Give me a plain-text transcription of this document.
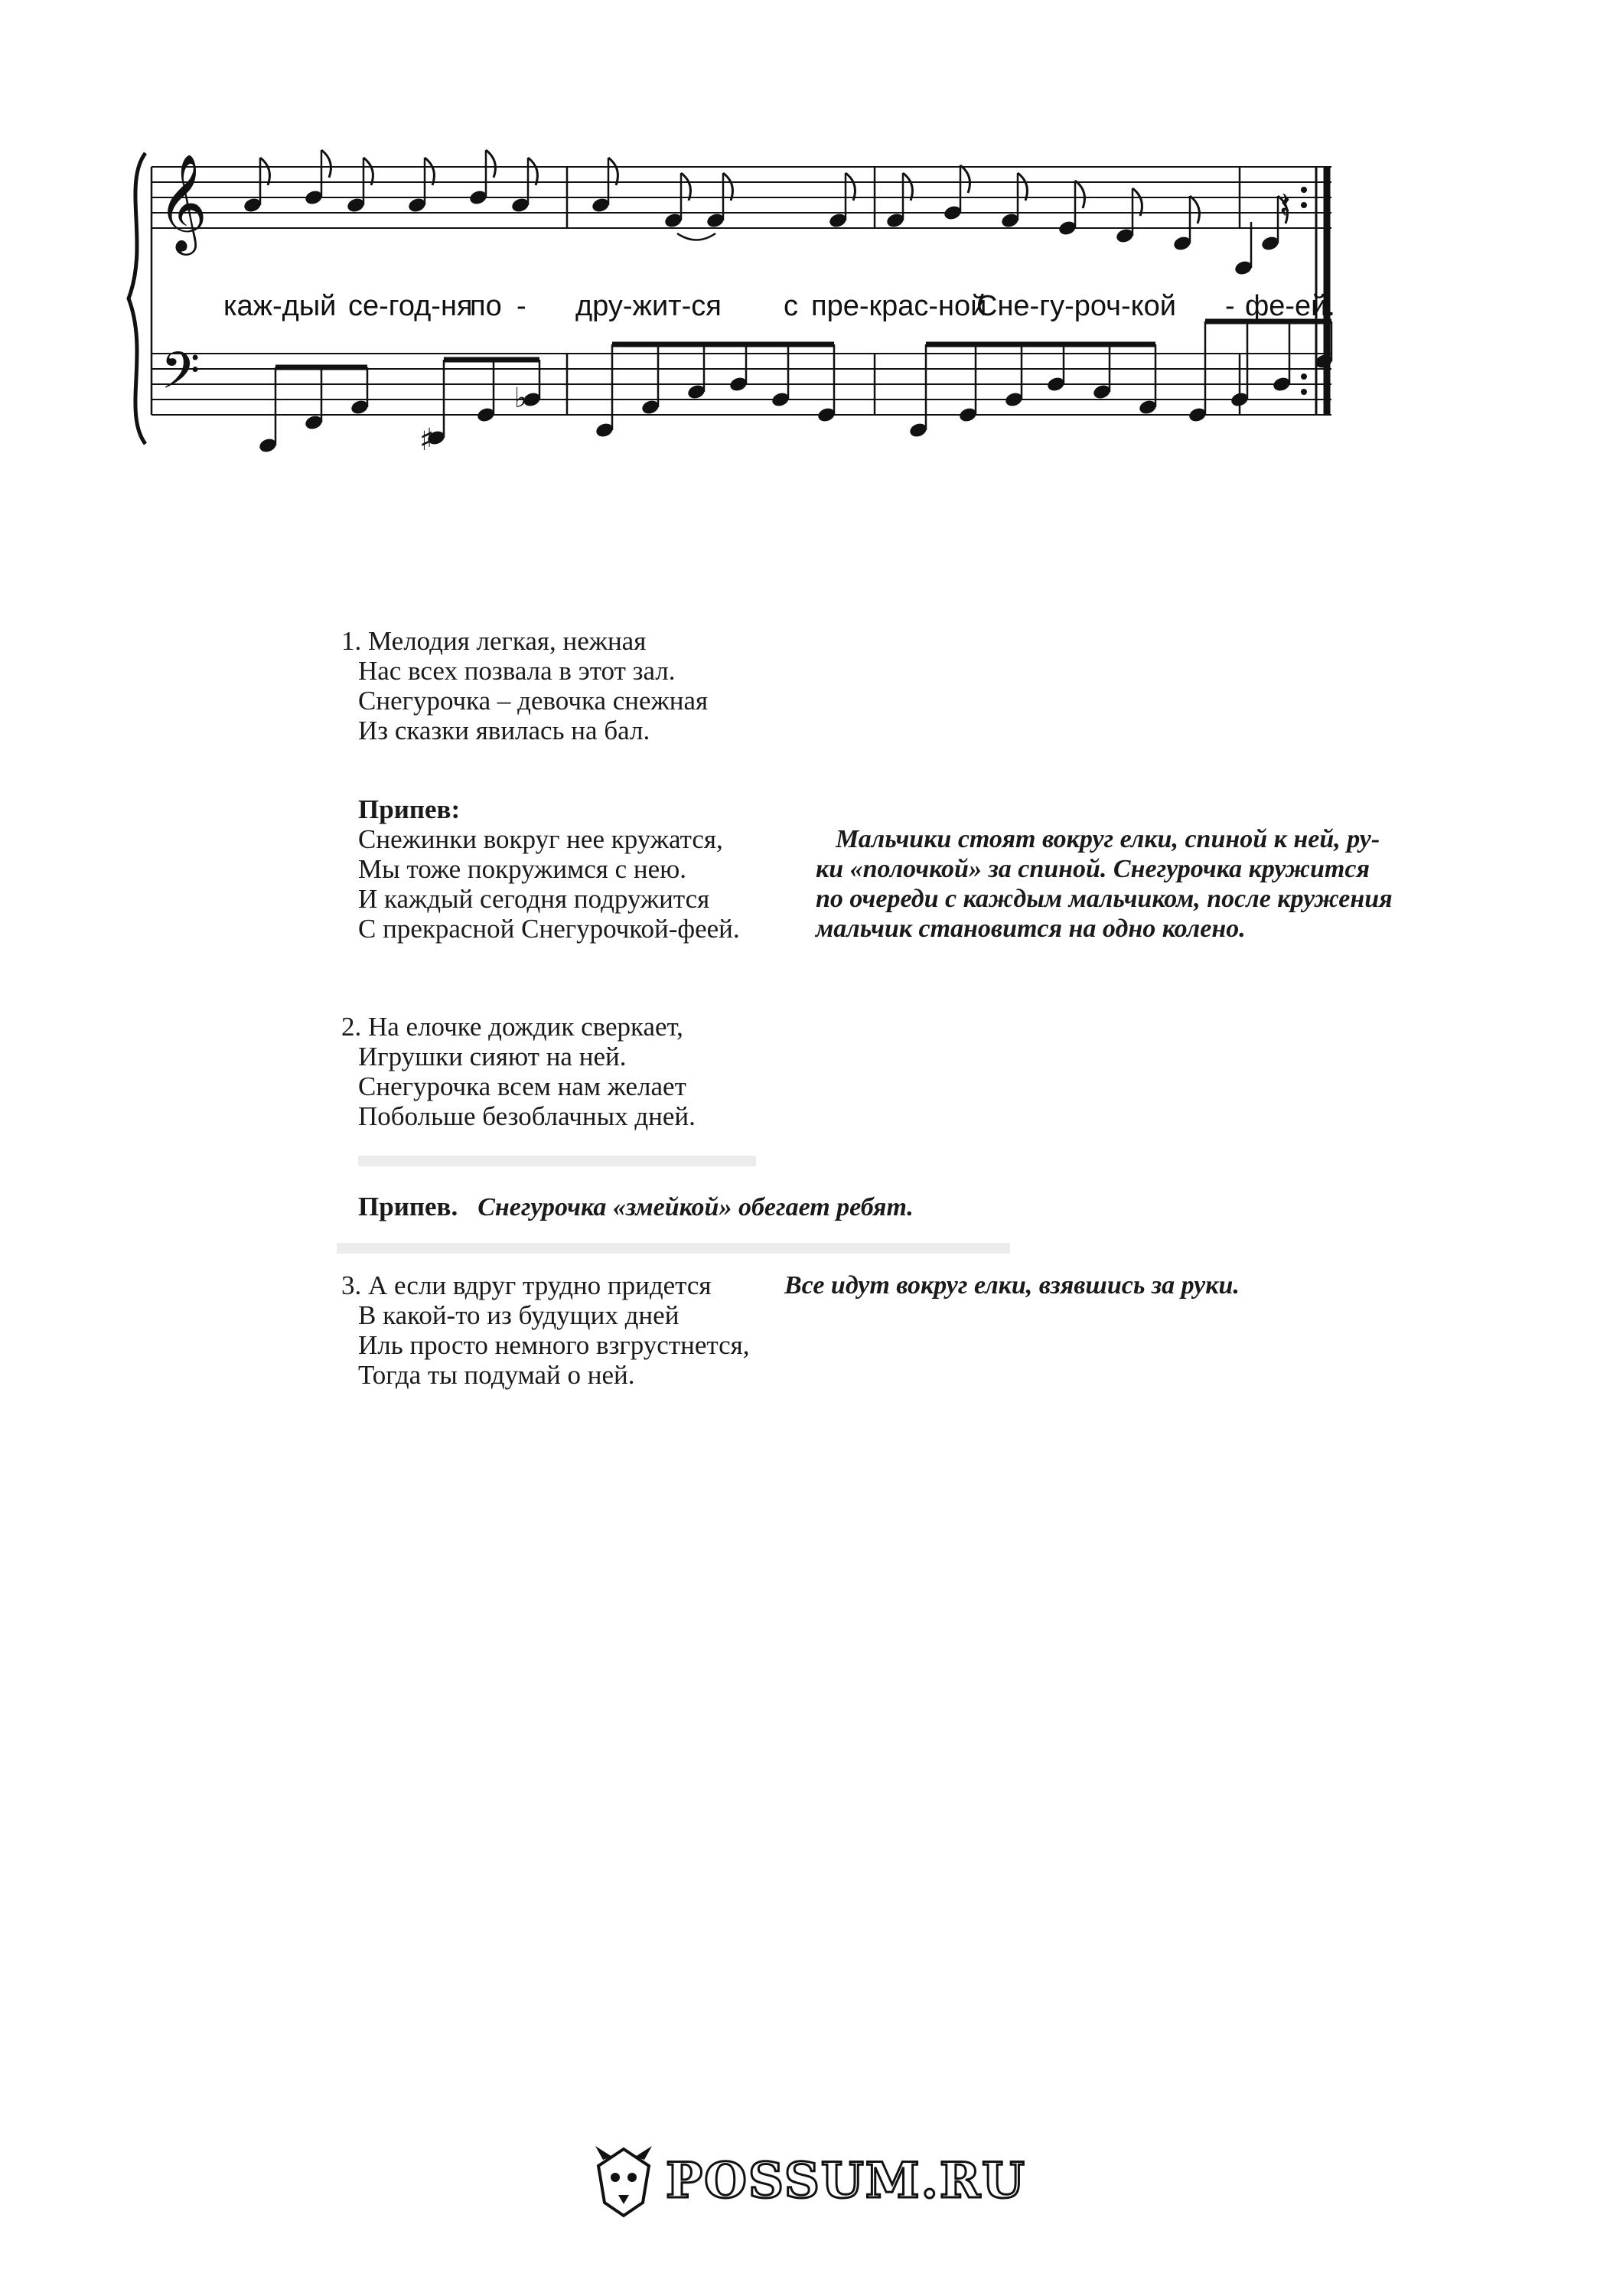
𝄞
𝄢
♯
♭
𝄽
каж-дый се-год-ня
по - дру-жит-ся с пре-крас-ной
Сне-гу-роч-кой - фе-ей.
1. Мелодия легкая, нежная
Нас всех позвала в этот зал.
Снегурочка – девочка снежная
Из сказки явилась на бал.
Припев:
Снежинки вокруг нее кружатся,
Мы тоже покружимся с нею.
И каждый сегодня подружится
С прекрасной Снегурочкой-феей.
Мальчики стоят вокруг елки, спиной к ней, ру-
ки «полочкой» за спиной. Снегурочка кружится
по очереди с каждым мальчиком, после кружения
мальчик становится на одно колено.
2. На елочке дождик сверкает,
Игрушки сияют на ней.
Снегурочка всем нам желает
Побольше безоблачных дней.
Припев. Снегурочка «змейкой» обегает ребят.
3. А если вдруг трудно придется
В какой-то из будущих дней
Иль просто немного взгрустнется,
Тогда ты подумай о ней.
Все идут вокруг елки, взявшись за руки.
POSSUM.RU
